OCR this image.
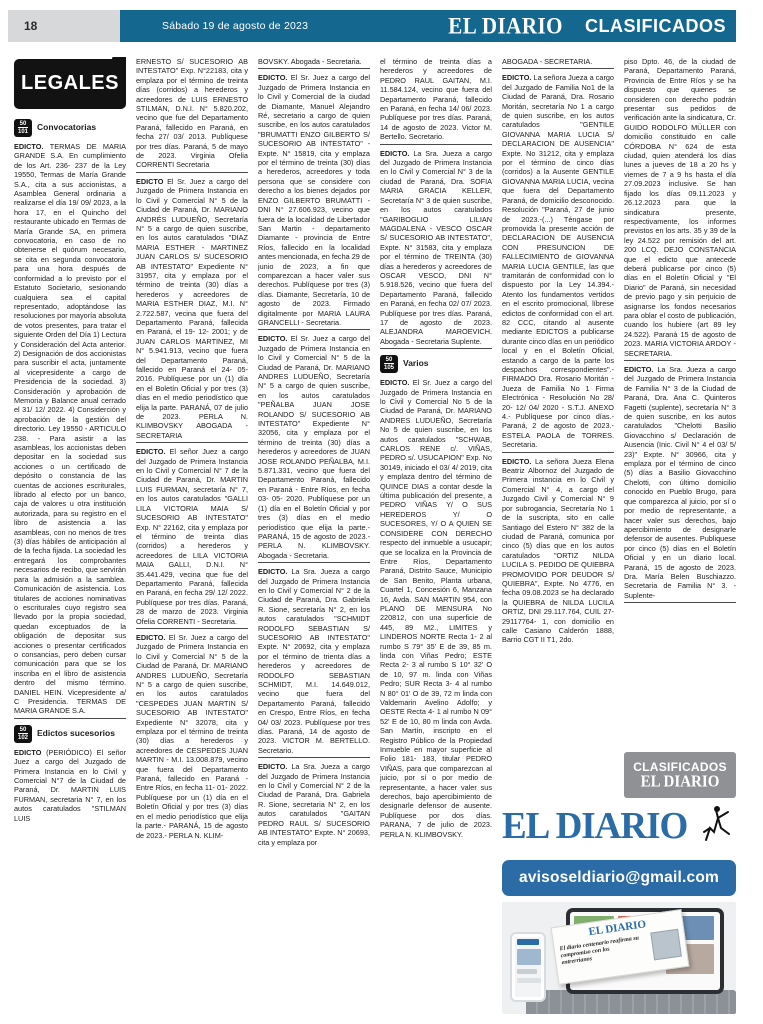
18	Sábado 19 de agosto de 2023	EL DIARIO CLASIFICADOS
LEGALES
50
101 Convocatorias

EDICTO. TERMAS DE MARIA GRANDE S.A. En cumplimiento de los Art. 236- 237 de la Ley 19550, Termas de María Grande S.A., cita a sus accionistas, a Asamblea General ordinaria a realizarse el día 19/ 09/ 2023, a la hora 17, en el Quincho del restaurante ubicado en Termas de María Grande SA, en primera convocatoria, en caso de no obtenerse el quórum necesario, se cita en segunda convocatoria para una hora después de conformidad a lo previsto por el Estatuto Societario, sesionando cualquiera sea el capital representado, adoptándose las resoluciones por mayoría absoluta de votos presentes, para tratar el siguiente Orden del Día 1) Lectura y Consideración del Acta anterior. 2) Designación de dos accionistas para suscribir el acta, juntamente al vicepresidente a cargo de Presidencia de la sociedad. 3) Consideración y aprobación de Memoria y Balance anual cerrado el 31/ 12/ 2022. 4) Considerción y aprobación de la gestión del directorio. Ley 19550 - ARTICULO 238. - Para asistir a las asambleas, los accionistas deben depositar en la sociedad sus acciones o un certificado de depósito o constancia de las cuentas de acciones escriturales, librado al efecto por un banco, caja de valores u otra institución autorizada, para su registro en el libro de asistencia a las asambleas, con no menos de tres (3) días hábiles de anticipación al de la fecha fijada. La sociedad les entregará los comprobantes necesarios de recibo, que servirán para la admisión a la samblea. Comunicación de asistencia. Los titulares de acciones nominativas o escriturales cuyo registro sea llevado por la propia sociedad, quedan exceptuados de la obligación de depositar sus acciones o presentar certificados o consancias, pero deben cursar comunicación para que se los inscriba en el libro de asistencia dentro del mismo término. DANIEL HEIN. Vicepresidente a/ C Presidencia. TERMAS DE MARIA GRANDE S.A.

50
102 Edictos sucesorios

EDICTO (PERIÓDICO) El señor Juez a cargo del Juzgado de Primera Instancia en lo Civil y Comercial N°7 de la Ciudad de Paraná, Dr. MARTIN LUIS FURMAN, secretaria N° 7, en los autos caratulados "STILMAN LUIS

ERNESTO S/ SUCESORIO AB INTESTATO" Exp. N°22183, cita y emplaza por el término de treinta días (corridos) a herederos y acreedores de LUIS ERNESTO STILMAN, D.N.I. N° 5.820.202, vecino que fue del Departamento Paraná, fallecido en Paraná, en fecha 27/ 03/ 2013. Publíquese por tres días. Paraná, 5 de mayo de 2023. Virginia Ofelia CORRENTI Secretaria

EDICTO El Sr. Juez a cargo del Juzgado de Primera Instancia en lo Civil y Comercial N° 5 de la Ciudad de Paraná, Dr. MARIANO ANDRÉS LUDUEÑO, Secretaría N° 5 a cargo de quien suscribe, en los autos caratulados "DIAZ MARIA ESTHER - MARTINEZ JUAN CARLOS S/ SUCESORIO AB INTESTATO" Expediente N° 31957, cita y emplaza por el término de treinta (30) días a herederos y acreedores de MARIA ESTHER DIAZ, M.I. N° 2.722.587, vecina que fuera del Departamento Paraná, fallecida en Paraná, el 19- 12- 2001; y de JUAN CARLOS MARTINEZ, MI N° 5.941.913, vecino que fuera del Departamento Paraná, fallecido en Paraná el 24- 05- 2016. Publíquese por un (1) día en el Boletín Oficial y por tres (3) días en el medio periodístico que elija la parte. PARANÁ, 07 de julio de 2023. PERLA N. KLIMBOVSKY ABOGADA - SECRETARIA

EDICTO. El señor Juez a cargo del Juzgado de Primera Instancia en lo Civil y Comercial N° 7 de la Ciudad de Paraná, Dr. MARTIN LUIS FURMAN, secretaría N° 7, en los autos caratulados "GALLI LILA VICTORIA MAIA S/ SUCESORIO AB INTESTATO" Exp. N° 22162, cita y emplaza por el término de treinta días (corridos) a herederos y acreedores de LILA VICTORIA MAIA GALLI, D.N.I. N° 35.441.429, vecina que fue del Departamento Paraná, fallecida en Paraná, en fecha 29/ 12/ 2022. Publíquese por tres días. Paraná, 28 de marzo de 2023. Virginia Ofelia CORRENTI - Secretaria.

EDICTO. El Sr. Juez a cargo del Juzgado de Primera Instancia en lo Civil y Comercial N° 5 de la Ciudad de Paraná, Dr. MARIANO ANDRES LUDUEÑO, Secretaría N° 5 a cargo de quien suscribe, en los autos caratulados "CESPEDES JUAN MARTIN S/ SUCESORIO AB INTESTATO" Expediente N° 32078, cita y emplaza por el término de treinta (30) días a herederos y acreedores de CESPEDES JUAN MARTIN - M.I. 13.008.879, vecino que fuera del Departamento Paraná, fallecido en Paraná - Entre Ríos, en fecha 11- 01- 2022. Publíquese por un (1) día en el Boletín Oficial y por tres (3) días en el medio periodístico que elija la parte.- PARANÁ, 15 de agosto de 2023.- PERLA N. KLIM-

BOVSKY. Abogada - Secretaria.

EDICTO. El Sr. Juez a cargo del Juzgado de Primera Instancia en lo Civil y Comercial de la ciudad de Diamante, Manuel Alejandro Ré, secretario a cargo de quien suscribe, en los autos caratulados "BRUMATTI ENZO GILBERTO S/ SUCESORIO AB INTESTATO" - Expte. N° 15819, cita y emplaza por el término de treinta (30) días a herederos, acreedores y toda persona que se considere con derecho a los bienes dejados por ENZO GILBERTO BRUMATTI - DNI N° 27.606.923, vecino que fuera de la localidad de Libertador San Martin - departamento Diamante - provincia de Entre Ríos, fallecido en la localidad antes mencionada, en fecha 29 de junio de 2023, a fin que comparezcan a hacer valer sus derechos. Publíquese por tres (3) días. Diamante, Secretaría, 10 de agosto de 2023. Firmado digitalmente por MARIA LAURA GRANCELLI - Secretaria.

EDICTO. El Sr. Juez a cargo del Juzgado de Primera Instancia en lo Civil y Comercial N° 5 de la Ciudad de Paraná, Dr. MARIANO ANDRES LUDUEÑO, Secretaría N° 5 a cargo de quien suscribe, en los autos caratulados "PEÑALBA JUAN JOSE ROLANDO S/ SUCESORIO AB INTESTATO" Expediente N° 32056, cita y emplaza por el término de treinta (30) días a herederos y acreedores de JUAN JOSE ROLANDO PEÑALBA, M.I. 5.871.331, vecino que fuera del Departamento Paraná, fallecido en Paraná - Entre Ríos, en fecha 03- 05- 2020. Publíquese por un (1) día en el Boletín Oficial y por tres (3) días en el medio periodístico que elija la parte.- PARANÁ, 15 de agosto de 2023.- PERLA N. KLIMBOVSKY. Abogada - Secretaria.

EDICTO. La Sra. Jueza a cargo del Juzgado de Primera Instancia en lo Civil y Comercial N° 2 de la Ciudad de Paraná, Dra. Gabriela R. Sione, secretaría N° 2, en los autos caratulados "SCHMIDT RODOLFO SEBASTIAN S/ SUCESORIO AB INTESTATO" Expte. N° 20692, cita y emplaza por el término de trienta días a herederos y acreedores de RODOLFO SEBASTIAN SCHMIDT, M.I. 14.649.012, vecino que fuera del Departamento Paraná, fallecido en Crespo, Entre Ríos, en fecha 04/ 03/ 2023. Publíquese por tres días. Paraná, 14 de agosto de 2023. VICTOR M. BERTELLO. Secretario.

EDICTO. La Sra. Jueza a cargo del Juzgado de Primera Instancia en lo Civil y Comercial N° 2 de la Ciudad de Paraná, Dra. Gabriela R. Sione, secretaria N° 2, en los autos caratulados "GAITAN PEDRO RAUL S/ SUCESORIO AB INTESTATO" Expte. N° 20693, cita y emplaza por

el término de treinta días a herederos y acreedores de PEDRO RAUL GAITAN, M.I. 11.584.124, vecino que fuera del Departamento Paraná, fallecido en Paraná, en fecha 14/ 06/ 2023. Publíquese por tres días. Paraná, 14 de agosto de 2023. Victor M. Bertello. Secretario.

EDICTO. La Sra. Jueza a cargo del Juzgado de Primera Instancia en lo Civil y Comercial N° 3 de la ciudad de Paraná, Dra. SOFIA MARIA GRACIA KELLER, Secretaría N° 3 de quien suscribe, en los autos caratulados "GARIBOGLIO LILIAN MAGDALENA - VESCO OSCAR S/ SUCESORIO AB INTESTATO", Expte. N° 31583, cita y emplaza por el término de TREINTA (30) días a herederos y acreedores de OSCAR VESCO, DNI N° 5.918.526, vecino que fuera del Departamento Paraná, fallecido en Paraná, en fecha 02/ 07/ 2023. Publíquese por tres días. Paraná, 17 de agosto de 2023. ALEJANDRA MAROEVICH. Abogada - Secretaria Suplente.

50
105 Varios

EDICTO. El Sr. Juez a cargo del Juzgado de Primera Instancia en lo Civil y Comercial No 5 de la Ciudad de Paraná, Dr. MARIANO ANDRES LUDUEÑO, Secretaría No 5 de quien suscribe, en los autos caratulados "SCHWAB, CARLOS RENE c/. VIÑAS, PEDRO s/. USUCAPION" Exp. No 30149, iniciado el 03/ 4/ 2019, cita y emplaza dentro del término de QUINCE DIAS a contar desde la última publicación del presente, a PEDRO VIÑAS Y/ O SUS HEREDEROS Y/ O SUCESORES, Y/ O A QUIEN SE CONSIDERE CON DERECHO respecto del inmueble a usucapir; que se localiza en la Provincia de Entre Ríos, Departamento Paraná, Distrito Sauce, Municipio de San Benito, Planta urbana, Cuartel 1, Concesión 6, Manzana 16, Avda. SAN MARTIN 954, con PLANO DE MENSURA No 220812, con una superficie de 445, 89 M2., LIMITES y LINDEROS NORTE Recta 1- 2 al rumbo S 79° 35' E de 39, 85 m. linda con Viñas Pedro; ESTE Recta 2- 3 al rumbo S 10° 32' O de 10, 97 m. linda con Viñas Pedro; SUR Recta 3- 4 al rumbo N 80° 01' O de 39, 72 m linda con Valdemarin Avelino Adolfo; y OESTE Recta 4- 1 al rumbo N 09° 52' E de 10, 80 m linda con Avda. San Martín, inscripto en el Registro Público de la Propiedad Inmueble en mayor superficie al Folio 181- 183, titular PEDRO VIÑAS, para que comparezcan al juicio, por sí o por medio de representante, a hacer valer sus derechos, bajo apercibimiento de designarle defensor de ausente. Publíquese por dos días. PARANA, 7 de julio de 2023. PERLA N. KLIMBOVSKY.

ABOGADA - SECRETARIA.

EDICTO. La señora Jueza a cargo del Juzgado de Familia No1 de la Ciudad de Paraná, Dra. Rosario Moritán, secretaría No 1 a cargo de quien suscribe, en los autos caratulados "GENTILE GIOVANNA MARIA LUCIA S/ DECLARACION DE AUSENCIA" Expte. No 31212, cita y emplaza por el término de cinco días (corridos) a la Ausente GENTILE GIOVANNA MARIA LUCIA, vecina que fuera del Departamento Paraná, de domicilio desconocido. Resolución "Paraná, 27 de junio de 2023.-(...) Téngase por promovida la presente acción de DECLARACION DE AUSENCIA CON PRESUNCION DE FALLECIMIENTO de GIOVANNA MARIA LUCIA GENTILE, las que tramitarán de conformidad con lo dispuesto por la Ley 14.394.- Atento los fundamentos vertidos en el escrito promocional, líbrese edictos de conformidad con el art. 82 CCC, citando al ausente mediante EDICTOS a publicarse durante cinco días en un periódico local y en el Boletín Oficial, estando a cargo de la parte los despachos correspondientes".- FIRMADO Dra. Rosario Moritán - Jueza de Familia No 1 Firma Electrónica - Resolución No 28/ 20- 12/ 04/ 2020 - S.T.J. ANEXO 4.- Publíquese por cinco días.- Paraná, 2 de agosto de 2023.- ESTELA PAOLA de TORRES. Secretaria.

EDICTO. La señora Jueza Elena Beatriz Albornoz del Juzgado de Primera instancia en lo Civil y Comercial N° 4, a cargo del Juzgado Civil y Comercial N° 9 por subrogancia, Secretaría No 1 de la suscripta, sito en calle Santiago del Estero N° 382 de la ciudad de Paraná, comunica por cinco (5) días que en los autos caratulados "ORTIZ NILDA LUCILA S. PEDIDO DE QUIEBRA PROMOVIDO POR DEUDOR S/ QUIEBRA", Expte. No 4776, en fecha 09.08.2023 se ha declarado la QUIEBRA de NILDA LUCILA ORTIZ, DNI 29.117.764, CUIL 27- 29117764- 1, con domicilio en calle Casiano Calderón 1888, Barrio CGT II T1, 2do.

piso Dpto. 46, de la ciudad de Paraná, Departamento Paraná, Provincia de Entre Ríos y se ha dispuesto que quienes se consideren con derecho podrán presentar sus pedidos de verificación ante la sindicatura, Cr. GUIDO RODOLFO MÜLLER con domicilio constituido en calle CÓRDOBA N° 624 de esta ciudad, quien atenderá los días lunes a jueves de 18 a 20 hs y viernes de 7 a 9 hs hasta el día 27.09.2023 inclusive. Se han fijado los días 09.11.2023 y 26.12.2023 para que la sindicatura presente, respectivamente, los informes previstos en los arts. 35 y 39 de la ley 24.522 por remisión del art. 200 LCQ. DEJO CONSTANCIA que el edicto que antecede deberá publicarse por cinco (5) días en el Boletín Oficial y "El Diario" de Paraná, sin necesidad de previo pago y sin perjuicio de asignarse los fondos necesarios para oblar el costo de publicación, cuando los hubiere (art 89 ley 24.522). Paraná 15 de agosto de 2023. MARIA VICTORIA ARDOY - SECRETARIA.

EDICTO. La Sra. Jueza a cargo del Juzgado de Primera Instancia de Familia N° 3 de la Ciudad de Paraná, Dra. Ana C. Quinteros Fagetti (suplente), secretaría N° 3 de quien suscribe, en los autos caratulados "Chelotti Basilio Giovacchino s/ Declaración de Ausencia (Inic. Civil N° 4 el 03/ 5/ 23)" Expte. N° 30966, cita y emplaza por el término de cinco (5) días a Basilio Giovacchino Chelotti, con último domicilio conocido en Pueblo Brugo, para que comparezca al juicio, por sí o por medio de representante, a hacer valer sus derechos, bajo apercibimiento de designarle defensor de ausentes. Publiquese por cinco (5) días en el Boletín Oficial y en un diario local. Paraná, 15 de agosto de 2023. Dra. María Belen Buschiazzo. Secretaria de Familia N° 3. -Suplente-

CLASIFICADOS
EL DIARIO
EL DIARIO
avisoseldiario@gmail.com
EL DIARIO
El diario centenario reafirma su compromiso con los entrerrianos
